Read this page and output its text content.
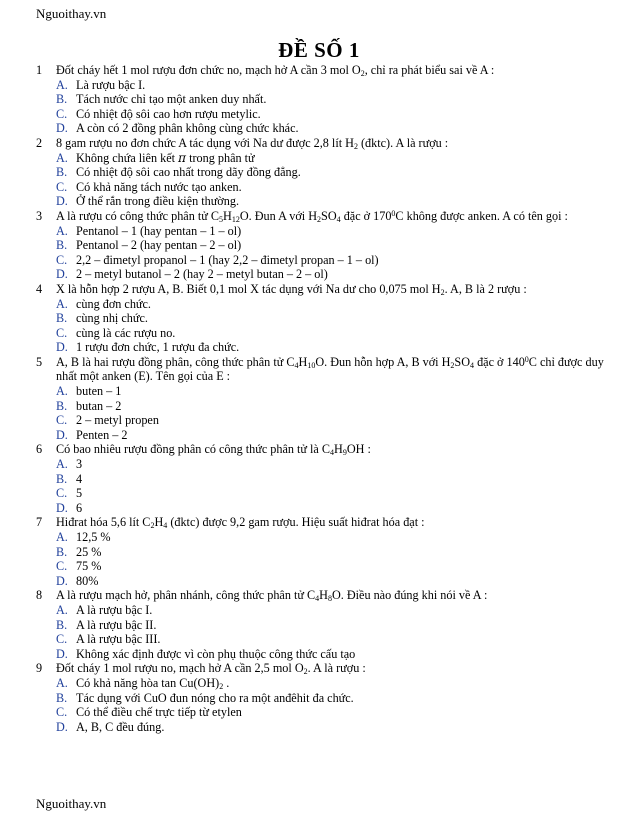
Nguoithay.vn
ĐỀ SỐ 1
1	Đốt cháy hết 1 mol rượu đơn chức no, mạch hở A cần 3 mol $O_2$, chỉ ra phát biểu sai về A :
A. Là rượu bậc I.
B. Tách nước chỉ tạo một anken duy nhất.
C. Có nhiệt độ sôi cao hơn rượu metylic.
D. A còn có 2 đồng phân không cùng chức khác.
2	8 gam rượu no đơn chức A tác dụng với Na dư được 2,8 lít $H_2$ (đktc). A là rượu :
A. Không chứa liên kết π trong phân tử
B. Có nhiệt độ sôi cao nhất trong dãy đồng đẳng.
C. Có khả năng tách nước tạo anken.
D. Ở thể rắn trong điều kiện thường.
3	A là rượu có công thức phân tử $C_5H_{12}O$. Đun A với $H_2SO_4$ đặc ở $170^0C$ không được anken. A có tên gọi :
A. Pentanol – 1 (hay pentan – 1 – ol)
B. Pentanol – 2 (hay pentan – 2 – ol)
C. 2,2 – đimetyl propanol – 1 (hay 2,2 – đimetyl propan – 1 – ol)
D. 2 – metyl butanol – 2 (hay 2 – metyl butan – 2 – ol)
4	X là hỗn hợp 2 rượu A, B. Biết 0,1 mol X tác dụng với Na dư cho 0,075 mol $H_2$. A, B là 2 rượu :
A. cùng đơn chức.
B. cùng nhị chức.
C. cùng là các rượu no.
D. 1 rượu đơn chức, 1 rượu đa chức.
5	A, B là hai rượu đồng phân, công thức phân tử $C_4H_{10}O$. Đun hỗn hợp A, B với $H_2SO_4$ đặc ở $140^0C$ chỉ được duy nhất một anken (E). Tên gọi của E :
A. buten – 1
B. butan – 2
C. 2 – metyl propen
D. Penten – 2
6	Có bao nhiêu rượu đồng phân có công thức phân tử là $C_4H_9OH$ :
A. 3
B. 4
C. 5
D. 6
7	Hiđrat hóa 5,6 lít $C_2H_4$ (đktc) được 9,2 gam rượu. Hiệu suất hiđrat hóa đạt :
A. 12,5 %
B. 25 %
C. 75 %
D. 80%
8	A là rượu mạch hở, phân nhánh, công thức phân tử $C_4H_8O$. Điều nào đúng khi nói về A :
A. A là rượu bậc I.
B. A là rượu bậc II.
C. A là rượu bậc III.
D. Không xác định được vì còn phụ thuộc công thức cấu tạo
9	Đốt cháy 1 mol rượu no, mạch hở A cần 2,5 mol $O_2$. A là rượu :
A. Có khả năng hòa $\tan Cu(OH)_2$ .
B. Tác dụng với CuO đun nóng cho ra một anđêhit đa chức.
C. Có thể điều chế trực tiếp từ etylen
D. A, B, C đều đúng.
Nguoithay.vn
